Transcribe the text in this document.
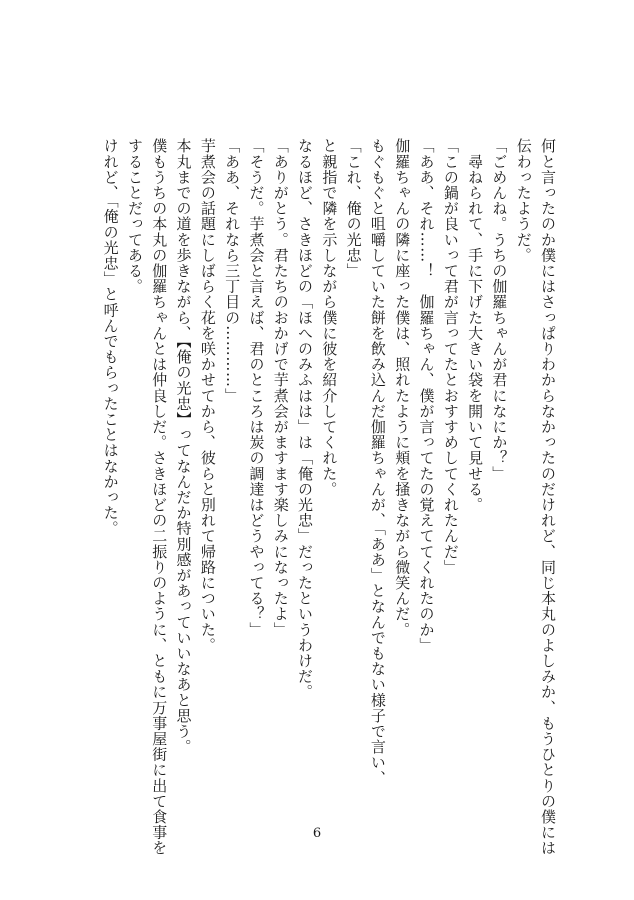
何と言ったのか僕にはさっぱりわからなかったのだけれど、同じ本丸のよしみか、もうひとりの僕には
伝わったようだ。
「ごめんね。うちの伽羅ちゃんが君になにか？」
　尋ねられて、手に下げた大きい袋を開いて見せる。
「この鍋が良いって君が言ってたとおすすめしてくれたんだ」
「ああ、それ……！　伽羅ちゃん、僕が言ってたの覚えててくれたのか」
伽羅ちゃんの隣に座った僕は、照れたように頬を掻きながら微笑んだ。
もぐもぐと咀嚼していた餅を飲み込んだ伽羅ちゃんが、「ああ」となんでもない様子で言い、
「これ、俺の光忠」
と親指で隣を示しながら僕に彼を紹介してくれた。
なるほど、さきほどの「ほへのみふはは」は「俺の光忠」だったというわけだ。
「ありがとう。君たちのおかげで芋煮会がますます楽しみになったよ」
「そうだ。芋煮会と言えば、君のところは炭の調達はどうやってる？」
「ああ、それなら三丁目の…………」
芋煮会の話題にしばらく花を咲かせてから、彼らと別れて帰路についた。
本丸までの道を歩きながら、【俺の光忠】ってなんだか特別感があっていいなあと思う。
僕もうちの本丸の伽羅ちゃんとは仲良しだ。さきほどの二振りのように、ともに万事屋街に出て食事を
することだってある。
けれど、「俺の光忠」と呼んでもらったことはなかった。
6
